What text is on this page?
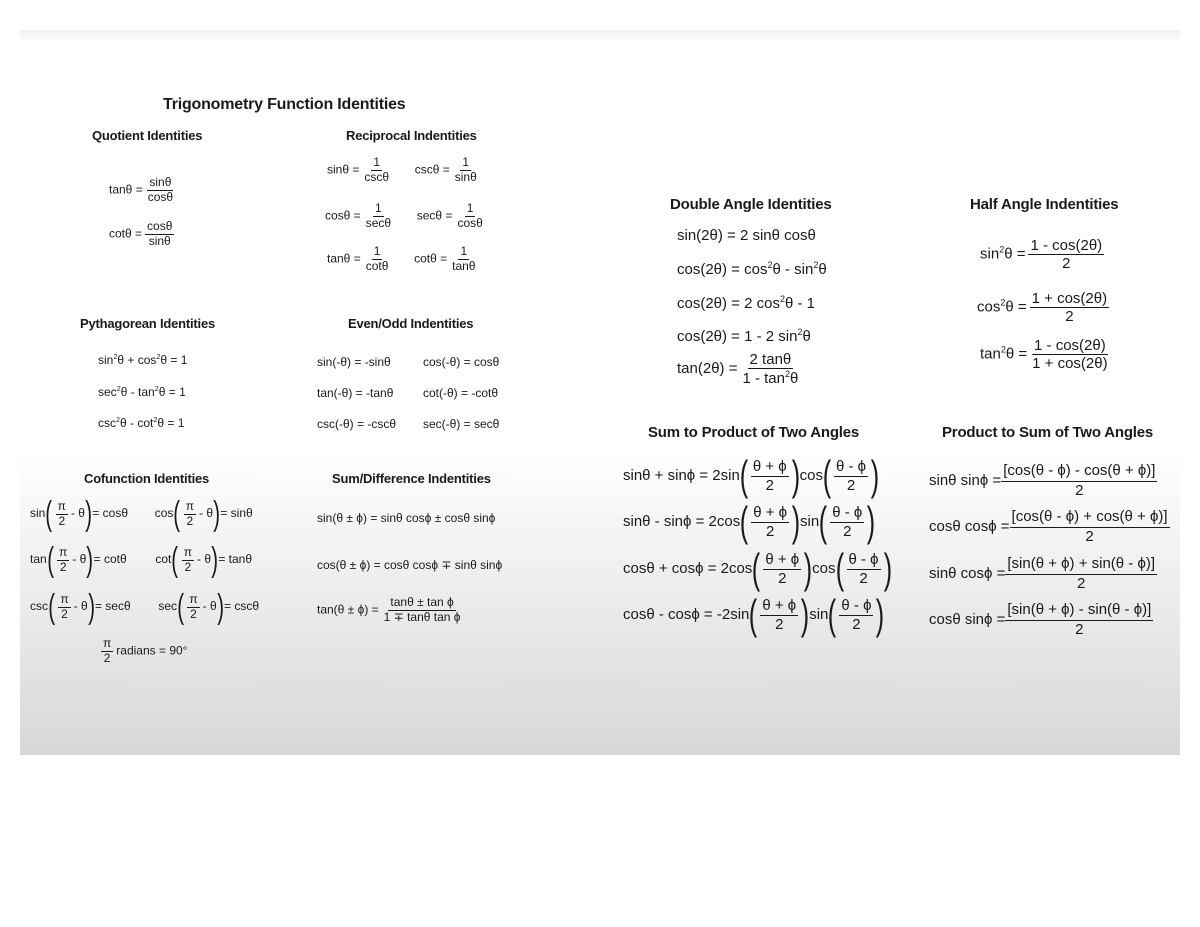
Trigonometry Function Identities
Quotient Identities
$\tan\theta = \frac{\sin\theta}{\cos\theta}$
$\cot\theta = \frac{\cos\theta}{\sin\theta}$
Reciprocal Indentities
$\sin\theta = \frac{1}{\csc\theta}$ $\csc\theta = \frac{1}{\sin\theta}$
$\cos\theta = \frac{1}{\sec\theta}$ $\sec\theta = \frac{1}{\cos\theta}$
$\tan\theta = \frac{1}{\cot\theta}$ $\cot\theta = \frac{1}{\tan\theta}$
Pythagorean Identities
$\sin^2\theta + \cos^2\theta = 1$
$\sec^2\theta - \tan^2\theta = 1$
$\csc^2\theta - \cot^2\theta = 1$
Even/Odd Indentities
sin(-θ) = -sinθ	cos(-θ) = cosθ
tan(-θ) = -tanθ cot(-θ) = -cotθ
csc(-θ) = -cscθ sec(-θ) = secθ
Cofunction Identities
$\sin( \frac{\pi}{2} - \theta)= \cos\theta$ $\cos( \frac{\pi}{2} - \theta)= \sin\theta$
$\tan( \frac{\pi}{2} - \theta)= \cot\theta$ $\cot( \frac{\pi}{2} - \theta)= \tan\theta$
$\csc( \frac{\pi}{2} - \theta)= \sec\theta$ $\sec( \frac{\pi}{2} - \theta)= \csc\theta$
$\frac{\pi}{2}$ radians = 90°
Sum/Difference Indentities
sin(θ ± ϕ) = sinθ cosϕ ± cosθ sinϕ
cos(θ ± ϕ) = cosθ cosϕ ∓ sinθ sinϕ
$\tan(\theta \pm \phi) = \frac{\text{tanθ ± tan ϕ}}{\text{1 ∓ tanθ tan ϕ}}$
Double Angle Identities
sin(2θ) = 2 sinθ cosθ
$\cos(2\theta) = \cos^2\theta - \sin^2\theta$
cos(2θ) = 2 $\cos^2\theta - 1$
cos(2θ) = 1 - 2 $\sin^2\theta$
$\tan(2\theta) = \frac{2 \tan\theta}{1 - \tan^2\theta}$
Half Angle Indentities
$\sin^2\theta = \frac{1 - \cos(2\theta)}{2}$
$\cos^2\theta = \frac{1 + \cos(2\theta)}{2}$
$\tan^2\theta = \frac{1 - \cos(2\theta)}{1 + \cos(2\theta)}$
Sum to Product of Two Angles
$\sin\theta + \sin\phi = 2\sin( \frac{\theta + \phi}{2} )\cos( \frac{\theta - \phi}{2}$ )
$\sin\theta - \sin\phi = 2\cos( \frac{\theta + \phi}{2} )\sin( \frac{\theta - \phi}{2}$ )
$\cos\theta + \cos\phi = 2\cos( \frac{\theta + \phi}{2} )\cos( \frac{\theta - \phi}{2}$ )
$\cos\theta - \cos\phi = -2\sin( \frac{\theta + \phi}{2} )\sin( \frac{\theta - \phi}{2}$ )
Product to Sum of Two Angles
sinθ $\sin\phi = \frac{[\cos(\theta - \phi) - \cos(\theta + \phi)]}{2}$
cosθ $\cos\phi = \frac{[\cos(\theta - \phi) + \cos(\theta + \phi)]}{2}$
sinθ $\cos\phi = \frac{[\sin(\theta + \phi) + \sin(\theta - \phi)]}{2}$
cosθ $\sin\phi = \frac{[\sin(\theta + \phi) - \sin(\theta - \phi)]}{2}$
